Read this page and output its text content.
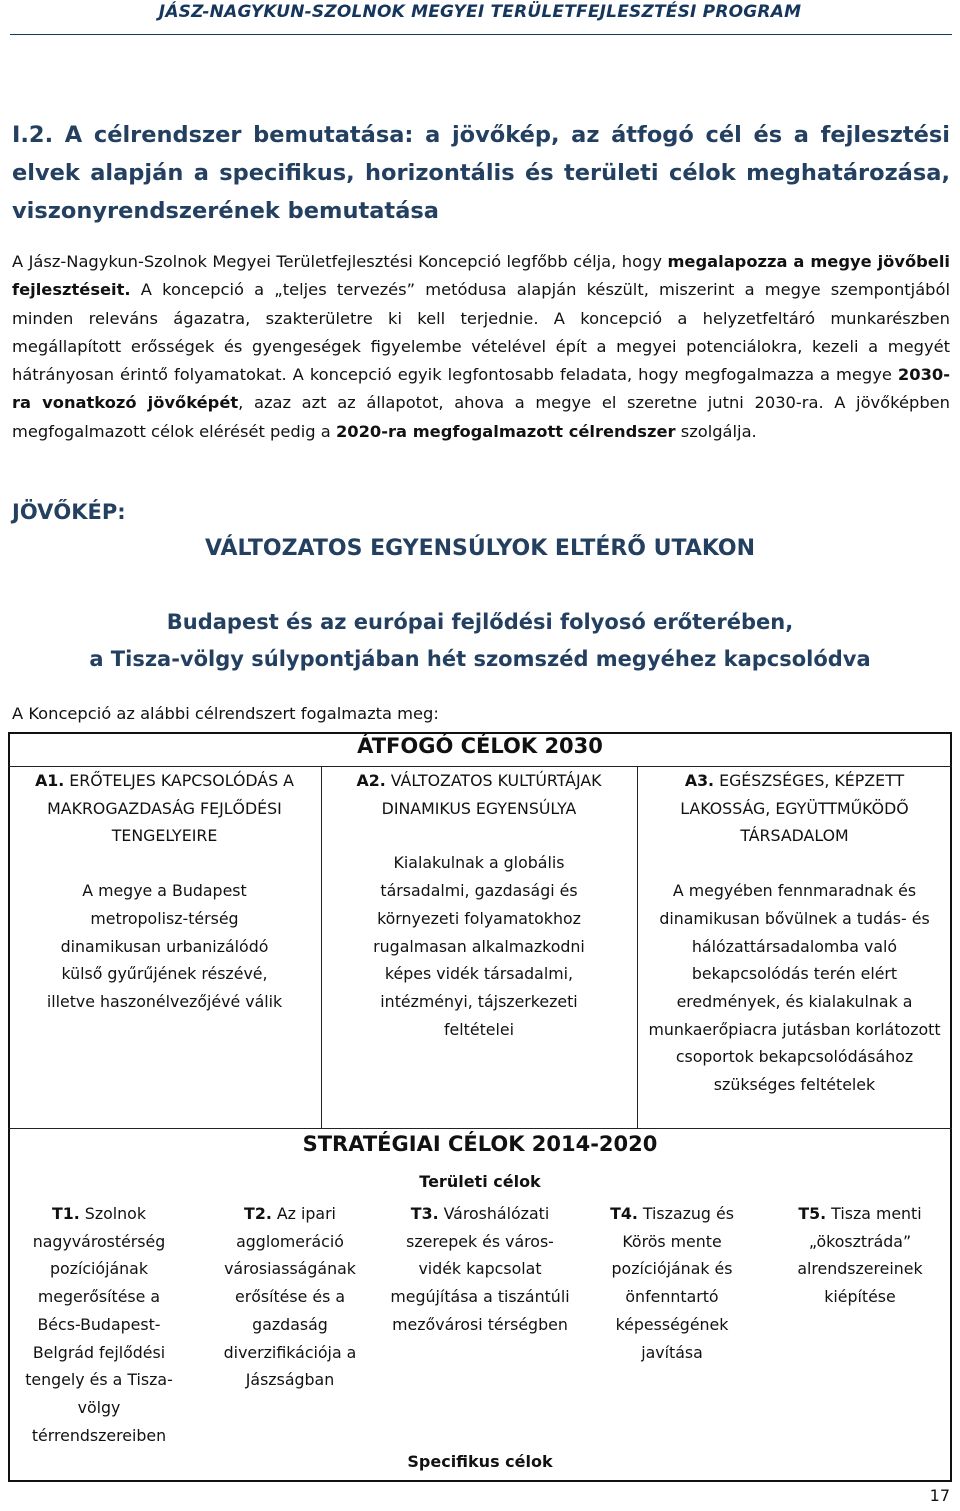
JÁSZ-NAGYKUN-SZOLNOK MEGYEI TERÜLETFEJLESZTÉSI PROGRAM
I.2. A célrendszer bemutatása: a jövőkép, az átfogó cél és a fejlesztési elvek alapján a specifikus, horizontális és területi célok meghatározása, viszonyrendszerének bemutatása
A Jász-Nagykun-Szolnok Megyei Területfejlesztési Koncepció legfőbb célja, hogy megalapozza a megye jövőbeli fejlesztéseit. A koncepció a „teljes tervezés” metódusa alapján készült, miszerint a megye szempontjából minden releváns ágazatra, szakterületre ki kell terjednie. A koncepció a helyzetfeltáró munkarészben megállapított erősségek és gyengeségek figyelembe vételével épít a megyei potenciálokra, kezeli a megyét hátrányosan érintő folyamatokat. A koncepció egyik legfontosabb feladata, hogy megfogalmazza a megye 2030-ra vonatkozó jövőképét, azaz azt az állapotot, ahova a megye el szeretne jutni 2030-ra. A jövőképben megfogalmazott célok elérését pedig a 2020-ra megfogalmazott célrendszer szolgálja.
JÖVŐKÉP:
VÁLTOZATOS EGYENSÚLYOK ELTÉRŐ UTAKON
Budapest és az európai fejlődési folyosó erőterében,
a Tisza-völgy súlypontjában hét szomszéd megyéhez kapcsolódva
A Koncepció az alábbi célrendszert fogalmazta meg:
ÁTFOGÓ CÉLOK 2030
A1. ERŐTELJES KAPCSOLÓDÁS A MAKROGAZDASÁG FEJLŐDÉSI TENGELYEIRE
A megye a Budapest metropolisz-térség dinamikusan urbanizálódó külső gyűrűjének részévé, illetve haszonélvezőjévé válik
A2. VÁLTOZATOS KULTÚRTÁJAK DINAMIKUS EGYENSÚLYA
Kialakulnak a globális társadalmi, gazdasági és környezeti folyamatokhoz rugalmasan alkalmazkodni képes vidék társadalmi, intézményi, tájszerkezeti feltételei
A3. EGÉSZSÉGES, KÉPZETT LAKOSSÁG, EGYÜTTMŰKÖDŐ TÁRSADALOM
A megyében fennmaradnak és dinamikusan bővülnek a tudás- és hálózattársadalomba való bekapcsolódás terén elért eredmények, és kialakulnak a munkaerőpiacra jutásban korlátozott csoportok bekapcsolódásához szükséges feltételek
STRATÉGIAI CÉLOK 2014-2020
Területi célok
T1. Szolnok nagyvárostérség pozíciójának megerősítése a Bécs-Budapest-Belgrád fejlődési tengely és a Tisza-völgy térrendszereiben
T2. Az ipari agglomeráció városiasságának erősítése és a gazdaság diverzifikációja a Jászságban
T3. Városhálózati szerepek és város-vidék kapcsolat megújítása a tiszántúli mezővárosi térségben
T4. Tiszazug és Körös mente pozíciójának és önfenntartó képességének javítása
T5. Tisza menti „ökosztráda” alrendszereinek kiépítése
Specifikus célok
17
